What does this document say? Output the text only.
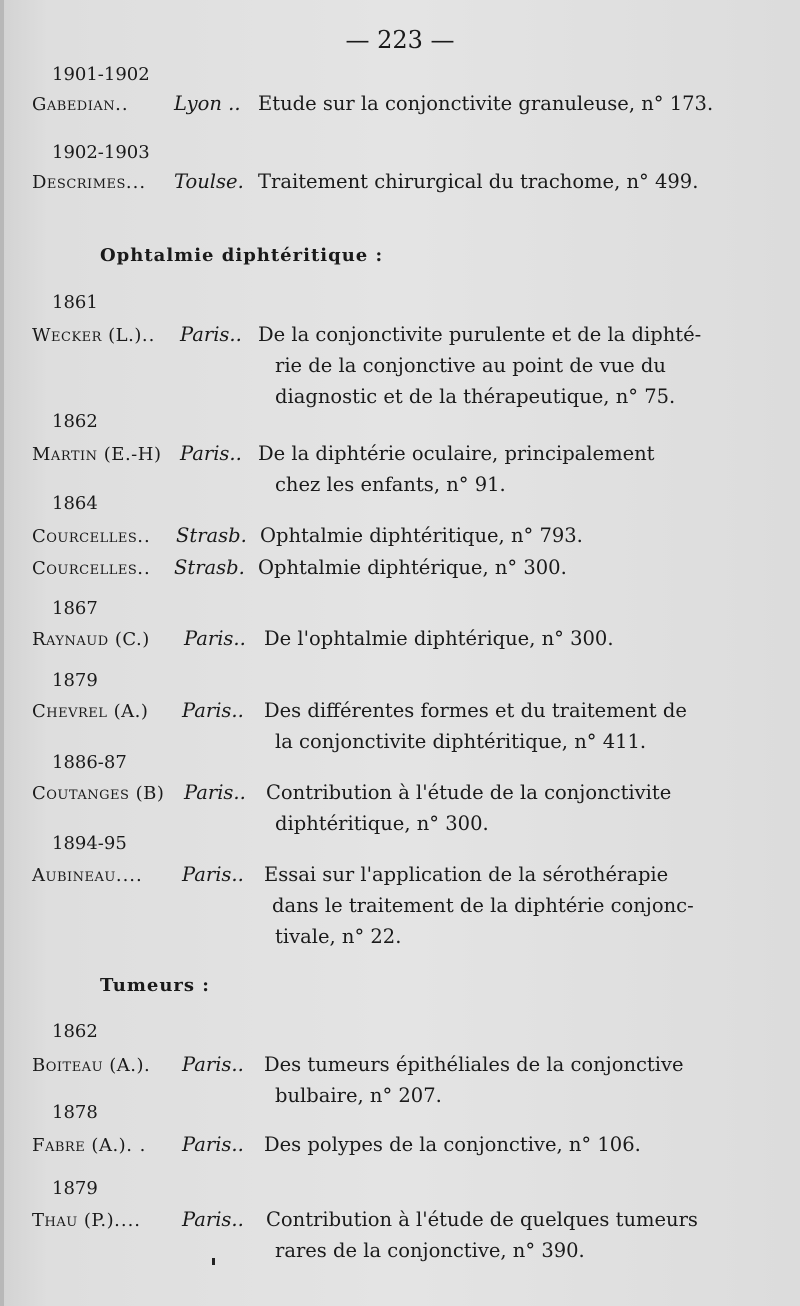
— 223 —
1901-1902
Gabedian.. Lyon .. Etude sur la conjonctivite granuleuse, n° 173.
1902-1903
Descrimes... Toulse. Traitement chirurgical du trachome, n° 499.
Ophtalmie diphtéritique :
1861
Wecker (L.).. Paris.. De la conjonctivite purulente et de la diphté-
rie de la conjonctive au point de vue du
diagnostic et de la thérapeutique, n° 75.
1862
Martin (E.-H) Paris.. De la diphtérie oculaire, principalement
chez les enfants, n° 91.
1864
Courcelles.. Strasb. Ophtalmie diphtéritique, n° 793.
Courcelles.. Strasb. Ophtalmie diphtérique, n° 300.
1867
Raynaud (C.) Paris.. De l'ophtalmie diphtérique, n° 300.
1879
Chevrel (A.) Paris.. Des différentes formes et du traitement de
la conjonctivite diphtéritique, n° 411.
1886-87
Coutanges (B) Paris.. Contribution à l'étude de la conjonctivite
diphtéritique, n° 300.
1894-95
Aubineau.... Paris.. Essai sur l'application de la sérothérapie
dans le traitement de la diphtérie conjonc-
tivale, n° 22.
Tumeurs :
1862
Boiteau (A.). Paris.. Des tumeurs épithéliales de la conjonctive
bulbaire, n° 207.
1878
Fabre (A.). . Paris.. Des polypes de la conjonctive, n° 106.
1879
Thau (P.).... Paris.. Contribution à l'étude de quelques tumeurs
rares de la conjonctive, n° 390.
